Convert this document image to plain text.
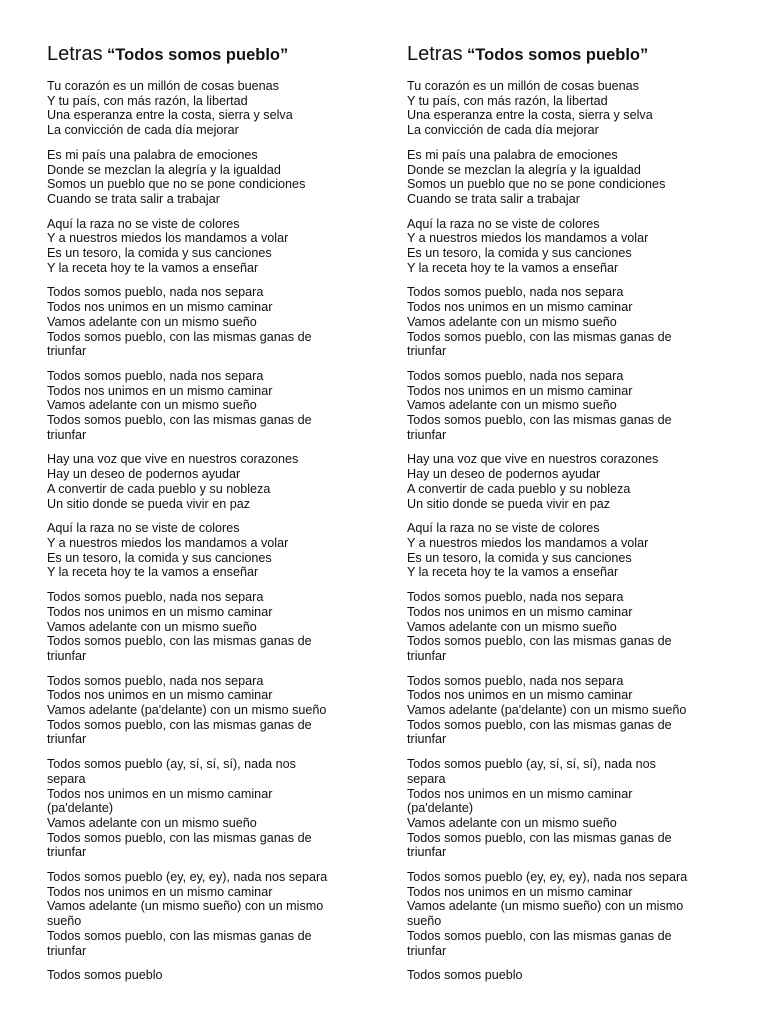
Letras “Todos somos pueblo”
Tu corazón es un millón de cosas buenas
Y tu país, con más razón, la libertad
Una esperanza entre la costa, sierra y selva
La convicción de cada día mejorar
Es mi país una palabra de emociones
Donde se mezclan la alegría y la igualdad
Somos un pueblo que no se pone condiciones
Cuando se trata salir a trabajar
Aquí la raza no se viste de colores
Y a nuestros miedos los mandamos a volar
Es un tesoro, la comida y sus canciones
Y la receta hoy te la vamos a enseñar
Todos somos pueblo, nada nos separa
Todos nos unimos en un mismo caminar
Vamos adelante con un mismo sueño
Todos somos pueblo, con las mismas ganas de
triunfar
Todos somos pueblo, nada nos separa
Todos nos unimos en un mismo caminar
Vamos adelante con un mismo sueño
Todos somos pueblo, con las mismas ganas de
triunfar
Hay una voz que vive en nuestros corazones
Hay un deseo de podernos ayudar
A convertir de cada pueblo y su nobleza
Un sitio donde se pueda vivir en paz
Aquí la raza no se viste de colores
Y a nuestros miedos los mandamos a volar
Es un tesoro, la comida y sus canciones
Y la receta hoy te la vamos a enseñar
Todos somos pueblo, nada nos separa
Todos nos unimos en un mismo caminar
Vamos adelante con un mismo sueño
Todos somos pueblo, con las mismas ganas de
triunfar
Todos somos pueblo, nada nos separa
Todos nos unimos en un mismo caminar
Vamos adelante (pa'delante) con un mismo sueño
Todos somos pueblo, con las mismas ganas de
triunfar
Todos somos pueblo (ay, sí, sí, sí), nada nos
separa
Todos nos unimos en un mismo caminar
(pa'delante)
Vamos adelante con un mismo sueño
Todos somos pueblo, con las mismas ganas de
triunfar
Todos somos pueblo (ey, ey, ey), nada nos separa
Todos nos unimos en un mismo caminar
Vamos adelante (un mismo sueño) con un mismo
sueño
Todos somos pueblo, con las mismas ganas de
triunfar
Todos somos pueblo
Letras “Todos somos pueblo”
Tu corazón es un millón de cosas buenas
Y tu país, con más razón, la libertad
Una esperanza entre la costa, sierra y selva
La convicción de cada día mejorar
Es mi país una palabra de emociones
Donde se mezclan la alegría y la igualdad
Somos un pueblo que no se pone condiciones
Cuando se trata salir a trabajar
Aquí la raza no se viste de colores
Y a nuestros miedos los mandamos a volar
Es un tesoro, la comida y sus canciones
Y la receta hoy te la vamos a enseñar
Todos somos pueblo, nada nos separa
Todos nos unimos en un mismo caminar
Vamos adelante con un mismo sueño
Todos somos pueblo, con las mismas ganas de
triunfar
Todos somos pueblo, nada nos separa
Todos nos unimos en un mismo caminar
Vamos adelante con un mismo sueño
Todos somos pueblo, con las mismas ganas de
triunfar
Hay una voz que vive en nuestros corazones
Hay un deseo de podernos ayudar
A convertir de cada pueblo y su nobleza
Un sitio donde se pueda vivir en paz
Aquí la raza no se viste de colores
Y a nuestros miedos los mandamos a volar
Es un tesoro, la comida y sus canciones
Y la receta hoy te la vamos a enseñar
Todos somos pueblo, nada nos separa
Todos nos unimos en un mismo caminar
Vamos adelante con un mismo sueño
Todos somos pueblo, con las mismas ganas de
triunfar
Todos somos pueblo, nada nos separa
Todos nos unimos en un mismo caminar
Vamos adelante (pa'delante) con un mismo sueño
Todos somos pueblo, con las mismas ganas de
triunfar
Todos somos pueblo (ay, sí, sí, sí), nada nos
separa
Todos nos unimos en un mismo caminar
(pa'delante)
Vamos adelante con un mismo sueño
Todos somos pueblo, con las mismas ganas de
triunfar
Todos somos pueblo (ey, ey, ey), nada nos separa
Todos nos unimos en un mismo caminar
Vamos adelante (un mismo sueño) con un mismo
sueño
Todos somos pueblo, con las mismas ganas de
triunfar
Todos somos pueblo
